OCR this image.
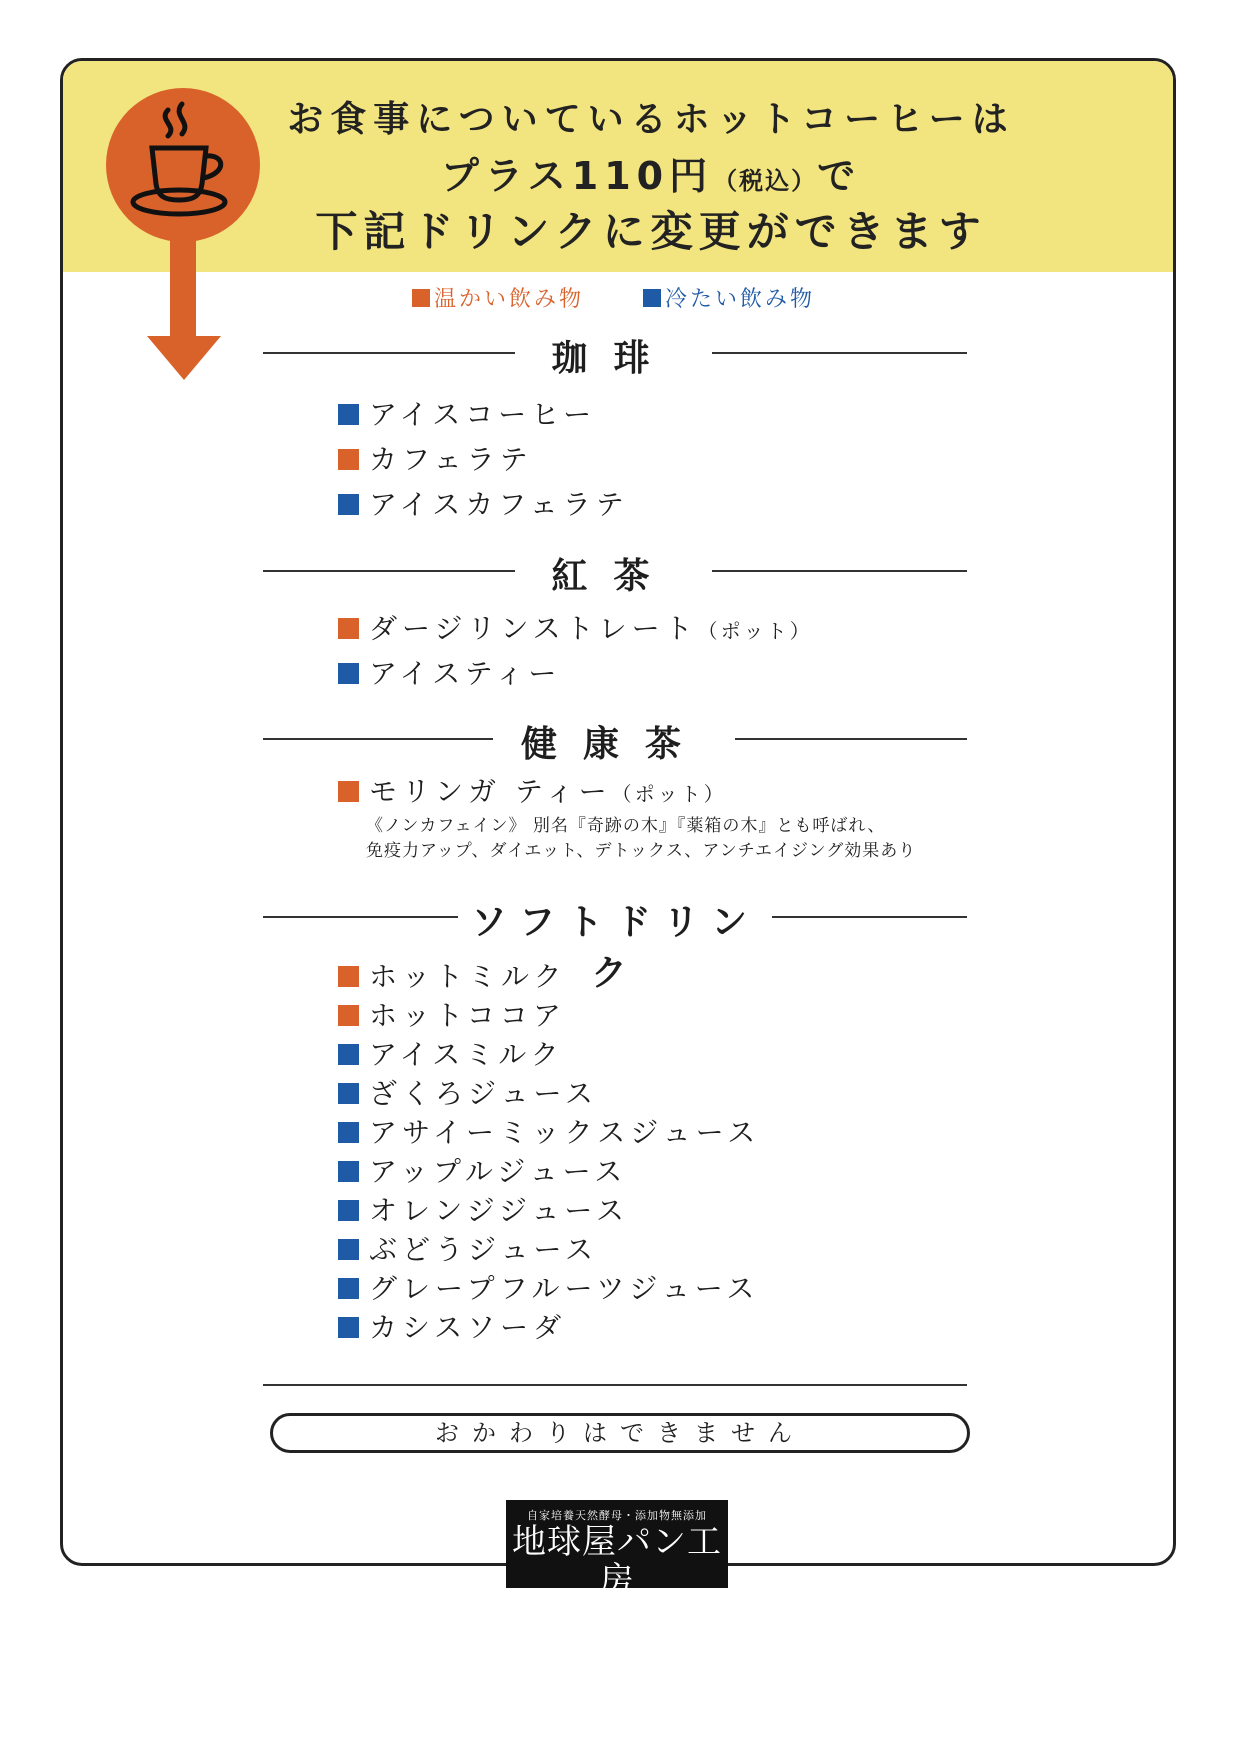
お食事についているホットコーヒーは
プラス110円（税込）で
下記ドリンクに変更ができます
温かい飲み物	冷たい飲み物
珈琲
アイスコーヒー
カフェラテ
アイスカフェラテ
紅茶
ダージリンストレート（ポット）
アイスティー
健康茶
モリンガ ティー（ポット）
《ノンカフェイン》 別名『奇跡の木』『薬箱の木』とも呼ばれ、
免疫力アップ、ダイエット、デトックス、アンチエイジング効果あり
ソフトドリンク
ホットミルク
ホットココア
アイスミルク
ざくろジュース
アサイーミックスジュース
アップルジュース
オレンジジュース
ぶどうジュース
グレープフルーツジュース
カシスソーダ
おかわりはできません
自家培養天然酵母・添加物無添加
地球屋パン工房
Bakery & Cafe
